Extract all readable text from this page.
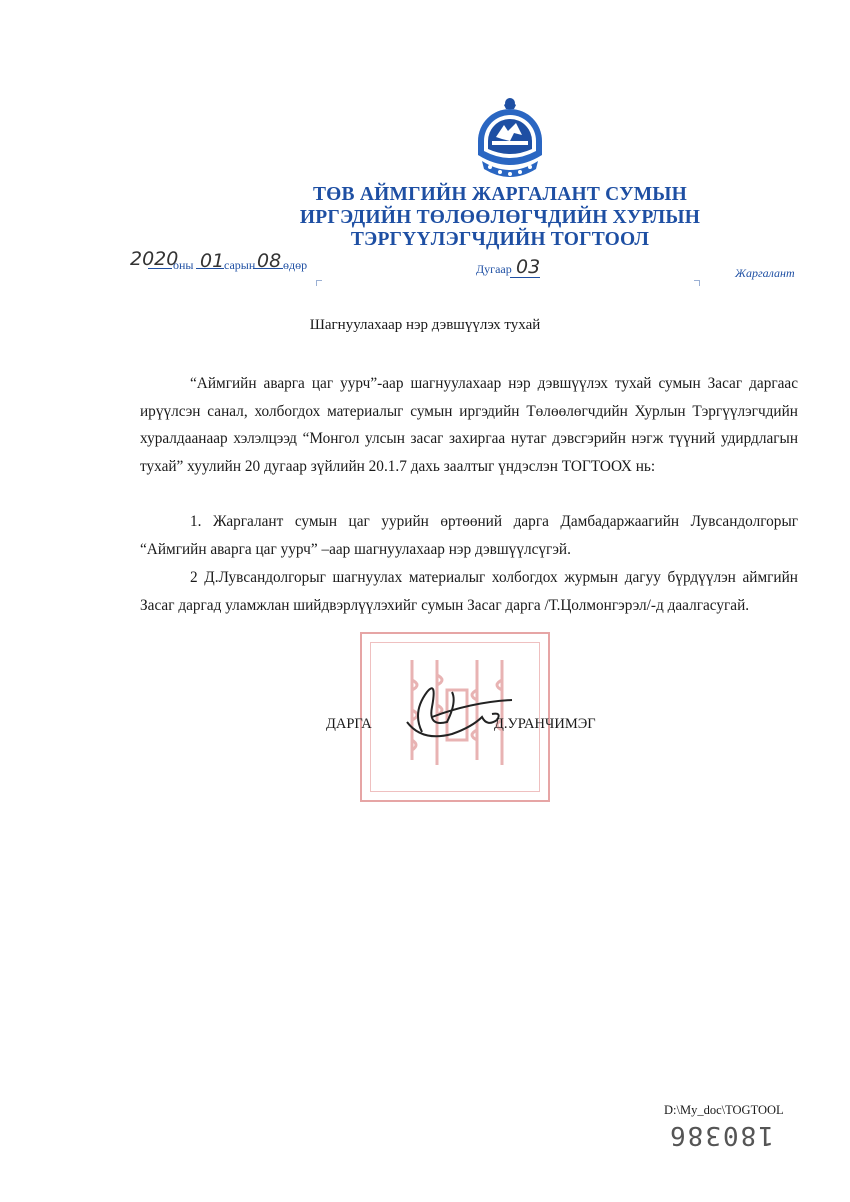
ТӨВ АЙМГИЙН ЖАРГАЛАНТ СУМЫН
ИРГЭДИЙН ТӨЛӨӨЛӨГЧДИЙН ХУРЛЫН
ТЭРГҮҮЛЭГЧДИЙН ТОГТООЛ
2020
оны 01 сарын 08 өдөр	Дугаар 03	Жаргалант
Шагнуулахаар нэр дэвшүүлэх тухай

“Аймгийн аварга цаг уурч”-аар шагнуулахаар нэр дэвшүүлэх тухай сумын Засаг даргаас ирүүлсэн санал, холбогдох материалыг сумын иргэдийн Төлөөлөгчдийн Хурлын Тэргүүлэгчдийн хуралдаанаар хэлэлцээд “Монгол улсын засаг захиргаа нутаг дэвсгэрийн нэгж түүний удирдлагын тухай” хуулийн 20 дугаар зүйлийн 20.1.7 дахь заалтыг үндэслэн ТОГТООХ нь:

1. Жаргалант сумын цаг уурийн өртөөний дарга Дамбадаржаагийн Лувсандолгорыг “Аймгийн аварга цаг уурч” –аар шагнуулахаар нэр дэвшүүлсүгэй.

2 Д.Лувсандолгорыг шагнуулах материалыг холбогдох журмын дагуу бүрдүүлэн аймгийн Засаг даргад уламжлан шийдвэрлүүлэхийг сумын Засаг дарга /Т.Цолмонгэрэл/-д даалгасугай.

ДАРГА	Д.УРАНЧИМЭГ
D:\My_doc\TOGTOOL
180386
